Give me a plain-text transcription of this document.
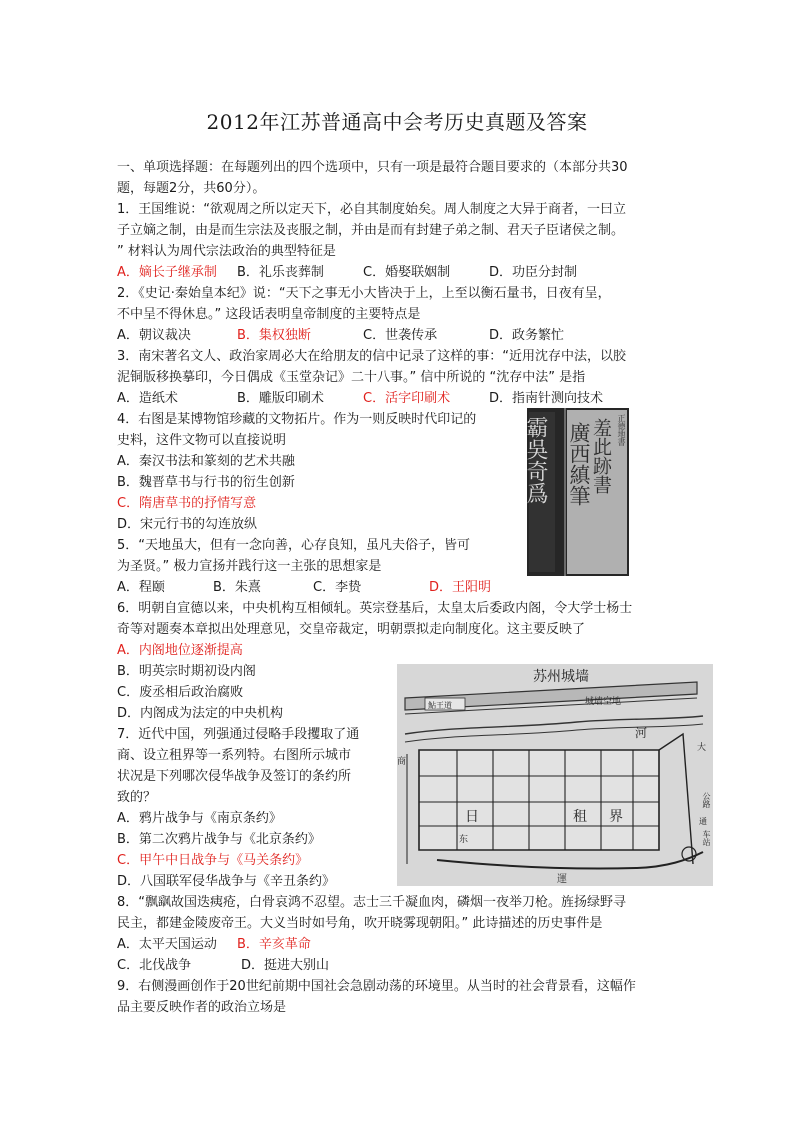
2012年江苏普通高中会考历史真题及答案
一、单项选择题：在每题列出的四个选项中，只有一项是最符合题目要求的（本部分共30
题，每题2分，共60分）。
1．王国维说：“欲观周之所以定天下，必自其制度始矣。周人制度之大异于商者，一曰立
子立嫡之制，由是而生宗法及丧服之制，并由是而有封建子弟之制、君天子臣诸侯之制。
” 材料认为周代宗法政治的典型特征是
A．嫡长子继承制 B．礼乐丧葬制	C．婚娶联姻制	D．功臣分封制
2．《史记·秦始皇本纪》说：“天下之事无小大皆决于上，上至以衡石量书，日夜有呈，
不中呈不得休息。” 这段话表明皇帝制度的主要特点是
A．朝议裁决	B．集权独断	C．世袭传承	D．政务繁忙
3．南宋著名文人、政治家周必大在给朋友的信中记录了这样的事：“近用沈存中法，以胶
泥铜版移换摹印，今日偶成《玉堂杂记》二十八事。” 信中所说的 “沈存中法” 是指
A．造纸术	B．雕版印刷术	C．活字印刷术	D．指南针测向技术
4．右图是某博物馆珍藏的文物拓片。作为一则反映时代印记的
史料，这件文物可以直接说明
A．秦汉书法和篆刻的艺术共融
B．魏晋草书与行书的衍生创新
C．隋唐草书的抒情写意
D．宋元行书的勾连放纵
5．“天地虽大，但有一念向善，心存良知，虽凡夫俗子，皆可
为圣贤。” 极力宣扬并践行这一主张的思想家是
A．程颐	B．朱熹	C．李贽	D．王阳明
6．明朝自宣德以来，中央机构互相倾轧。英宗登基后，太皇太后委政内阁，令大学士杨士
奇等对题奏本章拟出处理意见，交皇帝裁定，明朝票拟走向制度化。这主要反映了
A．内阁地位逐渐提高
B．明英宗时期初设内阁
C．废丞相后政治腐败
D．内阁成为法定的中央机构
7．近代中国，列强通过侵略手段攫取了通
商、设立租界等一系列特。右图所示城市
状况是下列哪次侵华战争及签订的条约所
致的？
A．鸦片战争与《南京条约》
B．第二次鸦片战争与《北京条约》
C．甲午中日战争与《马关条约》
D．八国联军侵华战争与《辛丑条约》
8．“飘飖故国迭痍疮，白骨哀鸿不忍望。志士三千凝血肉，磷烟一夜举刀枪。旌扬绿野寻
民主，都建金陵废帝王。大义当时如号角，吹开晓雾现朝阳。” 此诗描述的历史事件是
A．太平天国运动 B．辛亥革命
C．北伐战争	D．挺进大别山
9．右侧漫画创作于20世纪前期中国社会急剧动荡的环境里。从当时的社会背景看，这幅作
品主要反映作者的政治立场是
霸吳奇爲 廣西縝筆 羞此跡書 正德地書
苏州城墙
鮎王道	城墙空地
河
日	租 界
商
东
大
公路
通
车站
運
